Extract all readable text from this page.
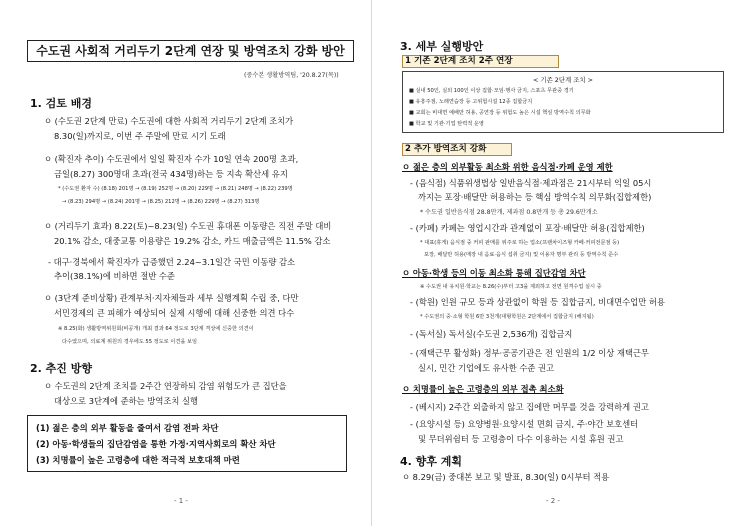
수도권 사회적 거리두기 2단계 연장 및 방역조치 강화 방안
(중수본 생활방역팀, '20.8.27(목))
1. 검토 배경
ㅇ (수도권 2단계 만료) 수도권에 대한 사회적 거리두기 2단계 조치가
8.30(일)까지로, 이번 주 주말에 만료 시기 도래
ㅇ (확진자 추이) 수도권에서 일일 확진자 수가 10일 연속 200명 초과,
금일(8.27) 300명대 초과(전국 434명)하는 등 지속 확산세 유지
* (수도권 환자 수) (8.18) 201명 → (8.19) 252명 → (8.20) 229명 → (8.21) 248명 → (8.22) 239명
→ (8.23) 294명 → (8.24) 201명 → (8.25) 212명 → (8.26) 229명 → (8.27) 313명
ㅇ (거리두기 효과) 8.22(토)~8.23(일) 수도권 휴대폰 이동량은 직전 주말 대비
20.1% 감소, 대중교통 이용량은 19.2% 감소, 카드 매출금액은 11.5% 감소
- 대구·경북에서 확진자가 급증했던 2.24~3.1일간 국민 이동량 감소
추이(38.1%)에 비하면 절반 수준
ㅇ (3단계 준비상황) 관계부처·지자체들과 세부 실행계획 수립 중, 다만
서민경제의 큰 피해가 예상되어 실제 시행에 대해 신중한 의견 다수
※ 8.25(화) 생활방역위원회(비공개) 개최 결과 64 정도로 3단계 격상에 신중한 의견이
다수였으며, 의료계 위원의 경우에도 55 정도로 이견을 보임
2. 추진 방향
ㅇ 수도권의 2단계 조치를 2주간 연장하되 감염 위험도가 큰 집단을
대상으로 3단계에 준하는 방역조치 실행
(1) 젊은 층의 외부 활동을 줄여서 감염 전파 차단
(2) 아동·학생들의 집단감염을 통한 가정·지역사회로의 확산 차단
(3) 치명률이 높은 고령층에 대한 적극적 보호대책 마련
- 1 -
3. 세부 실행방안
1 기존 2단계 조치 2주 연장
< 기존 2단계 조치 >
■ 실내 50인, 실외 100인 이상 집합·모임·행사 금지, 스포츠 무관중 경기
■ 유흥주점, 노래연습장 등 고위험시설 12종 집합금지
■ 교회는 비대면 예배만 허용, 공연장 등 위험도 높은 시설 핵심 방역수칙 의무화
■ 학교 및 기관·기업 탄력적 운영
2 추가 방역조치 강화
ㅇ 젊은 층의 외부활동 최소화 위한 음식점·카페 운영 제한
- (음식점) 식품위생법상 일반음식점·제과점은 21시부터 익일 05시
까지는 포장·배달만 허용하는 등 핵심 방역수칙 의무화(집합제한)
* 수도권 일반음식점 28.8만개, 제과점 0.8만개 등 총 29.6만개소
- (카페) 카페는 영업시간과 관계없이 포장·배달만 허용(집합제한)
* 대표(휴게) 음식점 중 커피 판매를 위주로 하는 업소(프랜차이즈형 카페·커피전문점 등)
포장, 배달만 허용(매장 내 음료·음식 섭취 금지) 및 이용자 명부 관리 등 방역수칙 준수
ㅇ 아동·학생 등의 이동 최소화 통해 집단감염 차단
※ 수도권 내 유치원·학교는 8.26(수)부터 고3을 제외하고 전면 원격수업 실시 중
- (학원) 인원 규모 등과 상관없이 학원 등 집합금지, 비대면수업만 허용
* 수도권의 중·소형 학원 6만 3천개(대형학원은 2단계에서 집합금지 (해지됨)
- (독서실) 독서실(수도권 2,536개) 집합금지
- (재택근무 활성화) 정부·공공기관은 전 인원의 1/2 이상 재택근무
실시, 민간 기업에도 유사한 수준 권고
ㅇ 치명률이 높은 고령층의 외부 접촉 최소화
- (베시지) 2주간 외출하지 않고 집에만 머무를 것을 강력하게 권고
- (요양시설 등) 요양병원·요양시설 면회 금지, 주·야간 보호센터
및 무더위쉼터 등 고령층이 다수 이용하는 시설 휴원 권고
4. 향후 계획
ㅇ 8.29(금) 중대본 보고 및 발표, 8.30(일) 0시부터 적용
- 2 -
